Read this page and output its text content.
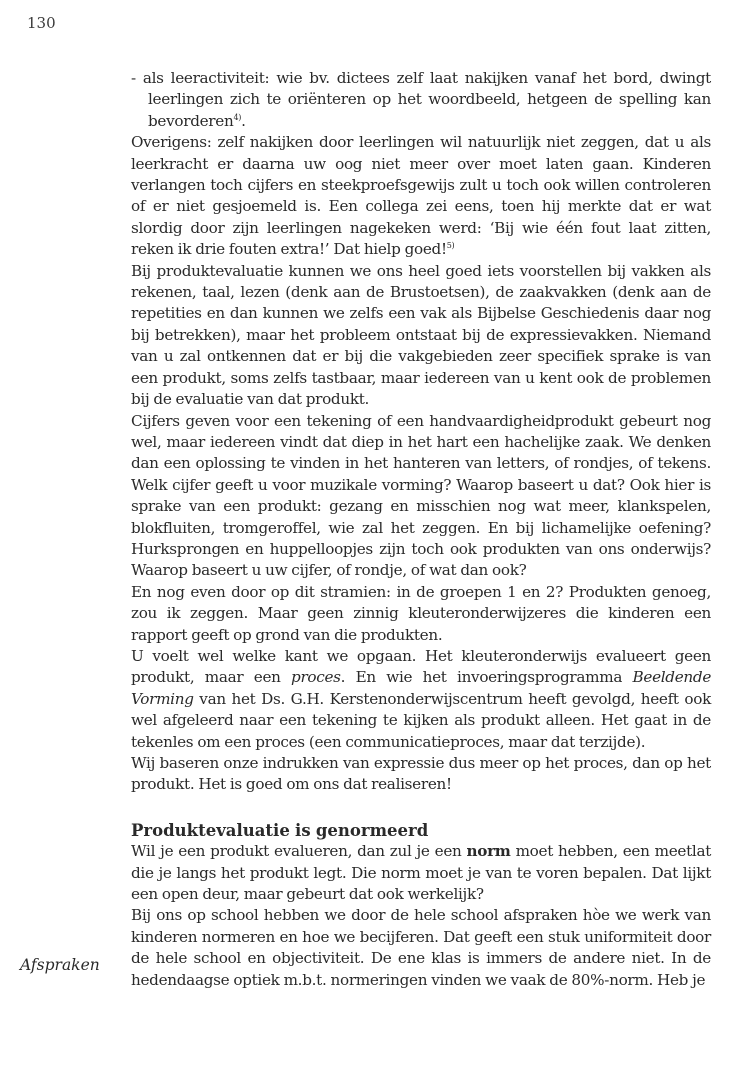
130

- als leeractiviteit: wie bv. dictees zelf laat nakijken vanaf het bord, dwingt leerlingen zich te oriënteren op het woordbeeld, hetgeen de spelling kan bevorderen$^{4)}$.

Overigens: zelf nakijken door leerlingen wil natuurlijk niet zeggen, dat u als leerkracht er daarna uw oog niet meer over moet laten gaan. Kinderen verlangen toch cijfers en steekproefsgewijs zult u toch ook willen controleren of er niet gesjoemeld is. Een collega zei eens, toen hij merkte dat er wat slordig door zijn leerlingen nagekeken werd: ‘Bij wie één fout laat zitten, reken ik drie fouten extra!’ Dat hielp goed!$^{5)}$

Bij produktevaluatie kunnen we ons heel goed iets voorstellen bij vakken als rekenen, taal, lezen (denk aan de Brustoetsen), de zaakvakken (denk aan de repetities en dan kunnen we zelfs een vak als Bijbelse Geschiedenis daar nog bij betrekken), maar het probleem ontstaat bij de expressievakken. Niemand van u zal ontkennen dat er bij die vakgebieden zeer specifiek sprake is van een produkt, soms zelfs tastbaar, maar iedereen van u kent ook de problemen bij de evaluatie van dat produkt.

Cijfers geven voor een tekening of een handvaardigheidprodukt gebeurt nog wel, maar iedereen vindt dat diep in het hart een hachelijke zaak. We denken dan een oplossing te vinden in het hanteren van letters, of rondjes, of tekens. Welk cijfer geeft u voor muzikale vorming? Waarop baseert u dat? Ook hier is sprake van een produkt: gezang en misschien nog wat meer, klankspelen, blokfluiten, tromgeroffel, wie zal het zeggen. En bij lichamelijke oefening? Hurksprongen en huppelloopjes zijn toch ook produkten van ons onderwijs? Waarop baseert u uw cijfer, of rondje, of wat dan ook?

En nog even door op dit stramien: in de groepen 1 en 2? Produkten genoeg, zou ik zeggen. Maar geen zinnig kleuteronderwijzeres die kinderen een rapport geeft op grond van die produkten.

U voelt wel welke kant we opgaan. Het kleuteronderwijs evalueert geen produkt, maar een proces. En wie het invoeringsprogramma Beeldende Vorming van het Ds. G.H. Kerstenonderwijscentrum heeft gevolgd, heeft ook wel afgeleerd naar een tekening te kijken als produkt alleen. Het gaat in de tekenles om een proces (een communicatieproces, maar dat terzijde).

Wij baseren onze indrukken van expressie dus meer op het proces, dan op het produkt. Het is goed om ons dat realiseren!

Produktevaluatie is genormeerd

Wil je een produkt evalueren, dan zul je een norm moet hebben, een meetlat die je langs het produkt legt. Die norm moet je van te voren bepalen. Dat lijkt een open deur, maar gebeurt dat ook werkelijk?

Bij ons op school hebben we door de hele school afspraken hòe we werk van kinderen normeren en hoe we becijferen. Dat geeft een stuk uniformiteit door de hele school en objectiviteit. De ene klas is immers de andere niet. In de hedendaagse optiek m.b.t. normeringen vinden we vaak de 80%-norm. Heb je

Afspraken
